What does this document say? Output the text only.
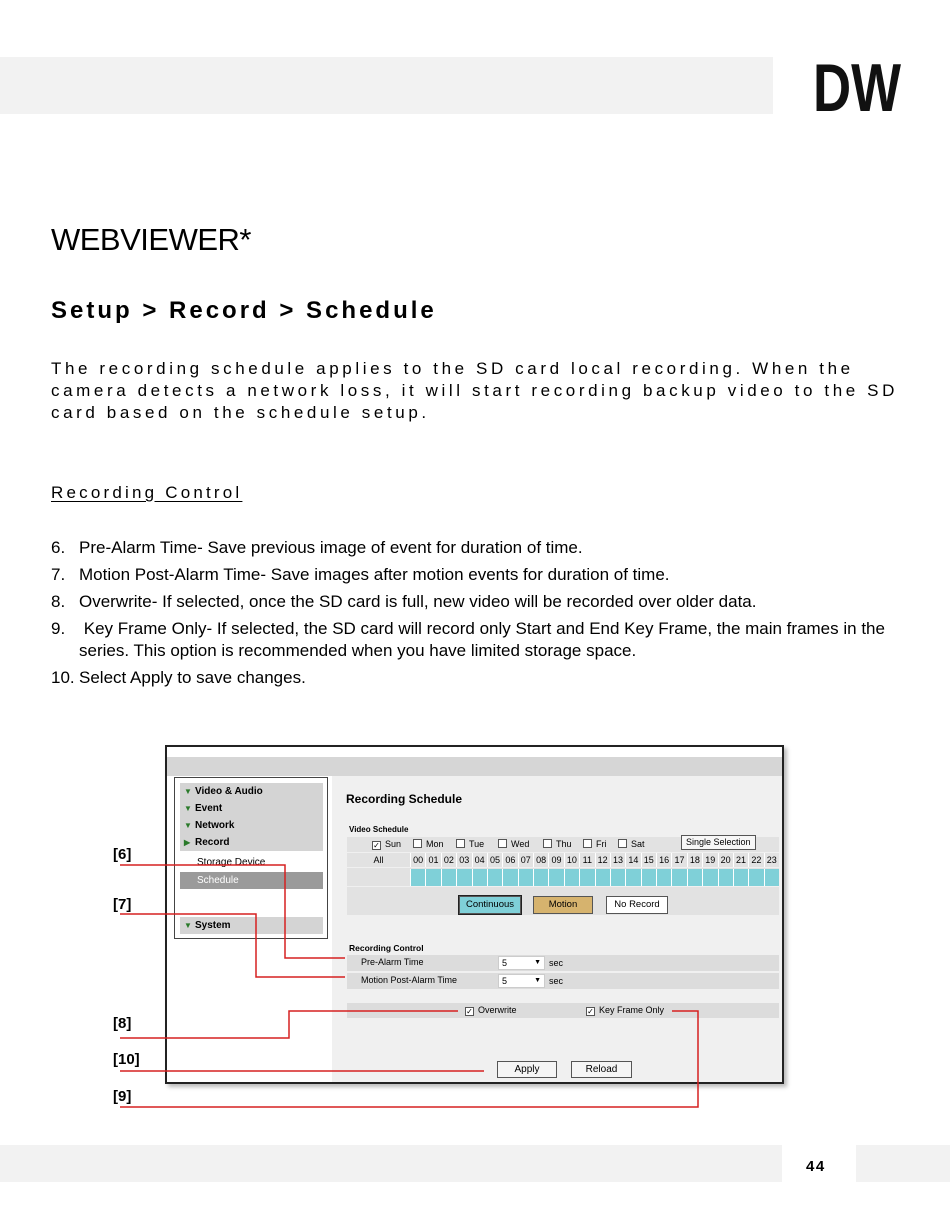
DW
WEBVIEWER*
Setup > Record > Schedule
The recording schedule applies to the SD card local recording. When the camera detects a network loss, it will start recording backup video to the SD card based on the schedule setup.
Recording Control
6. Pre-Alarm Time- Save previous image of event for duration of time.
7. Motion Post-Alarm Time- Save images after motion events for duration of time.
8. Overwrite- If selected, once the SD card is full, new video will be recorded over older data.
9. Key Frame Only- If selected, the SD card will record only Start and End Key Frame, the main frames in the series. This option is recommended when you have limited storage space.
10. Select Apply to save changes.
▼ Video & Audio
▼ Event
▼ Network
▶ Record
Storage Device
Schedule
▼ System
Recording Schedule
Video Schedule
✓ Sun	Mon	Tue	Wed	Thu	Fri	Sat	Single Selection
All	00 01 02 03 04 05 06 07 08 09 10 11 12 13 14 15 16 17 18 19 20 21 22 23
Continuous	Motion	No Record
Recording Control
Pre-Alarm Time	5	▼ sec
Motion Post-Alarm Time	5	▼ sec
✓ Overwrite	✓ Key Frame Only
Apply	Reload
[6]
[7]
[8]
[10]
[9]
44
